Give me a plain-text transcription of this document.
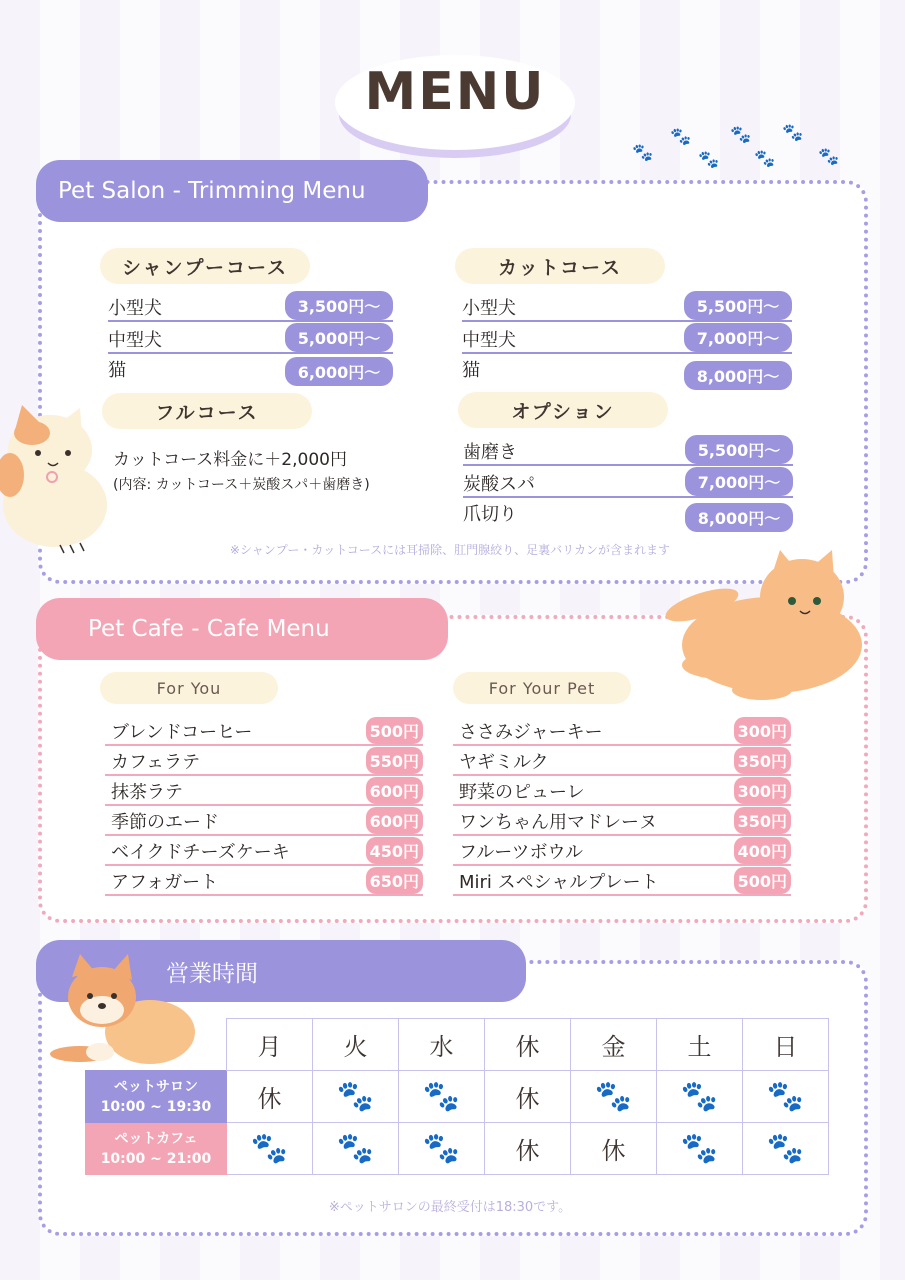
MENU
🐾
🐾
🐾
🐾
🐾
🐾
🐾
Pet Salon - Trimming Menu
シャンプーコース
小型犬	3,500円～
中型犬	5,000円～
猫	6,000円～
カットコース
小型犬	5,500円～
中型犬	7,000円～
猫	8,000円～
フルコース
カットコース料金に＋2,000円
(内容: カットコース＋炭酸スパ＋歯磨き)
オプション
歯磨き	5,500円～
炭酸スパ	7,000円～
爪切り	8,000円～
※シャンプー・カットコースには耳掃除、肛門腺絞り、足裏バリカンが含まれます
Pet Cafe - Cafe Menu
For You	For Your Pet
ブレンドコーヒー	500円
カフェラテ	550円
抹茶ラテ	600円
季節のエード	600円
ベイクドチーズケーキ	450円
アフォガート	650円
ささみジャーキー	300円
ヤギミルク	350円
野菜のピューレ	300円
ワンちゃん用マドレーヌ	350円
フルーツボウル	400円
Miri スペシャルプレート	500円
営業時間
	月	火	水	休	金	土	日

ペットサロン
10:00 ~ 19:30	休	🐾	🐾	休	🐾	🐾	🐾

ペットカフェ
10:00 ~ 21:00	🐾	🐾	🐾	休	休	🐾	🐾
※ペットサロンの最終受付は18:30です。
